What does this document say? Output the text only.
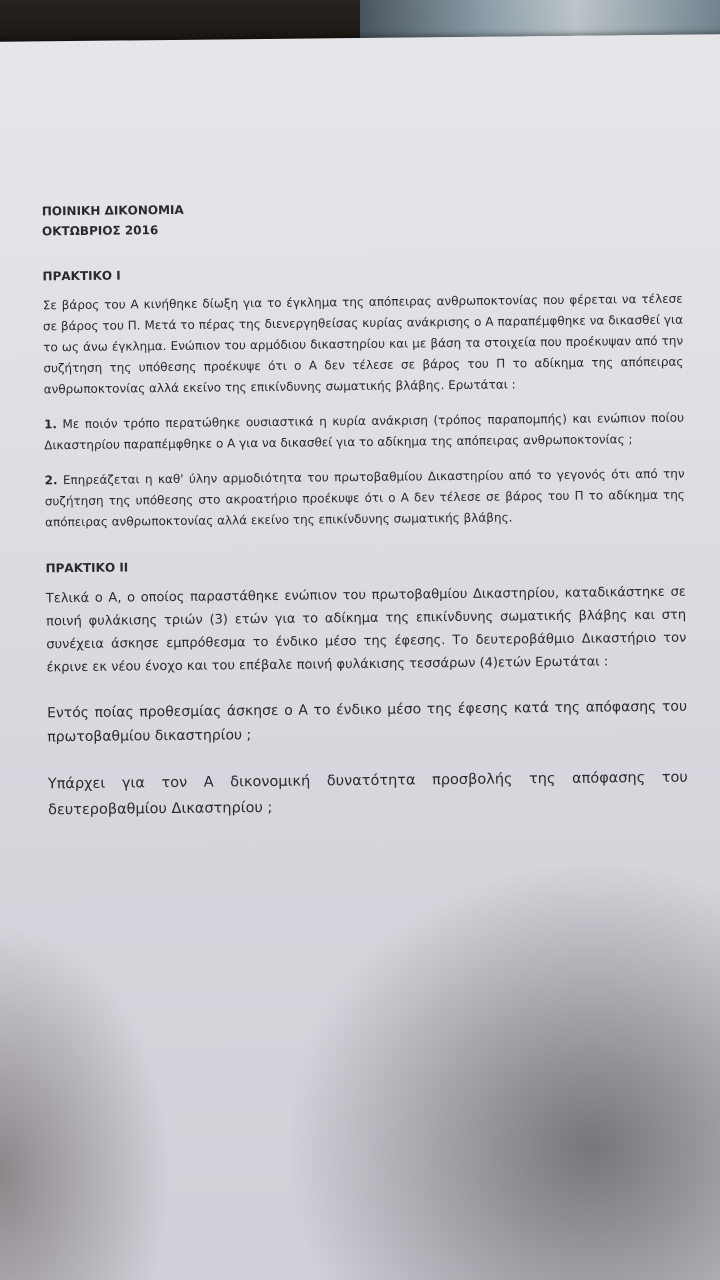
ΠΟΙΝΙΚΗ ΔΙΚΟΝΟΜΙΑ

ΟΚΤΩΒΡΙΟΣ 2016

ΠΡΑΚΤΙΚΟ Ι

Σε βάρος του Α κινήθηκε δίωξη για το έγκλημα της απόπειρας ανθρωποκτονίας που φέρεται να τέλεσε σε βάρος του Π. Μετά το πέρας της διενεργηθείσας κυρίας ανάκρισης ο Α παραπέμφθηκε να δικασθεί για το ως άνω έγκλημα. Ενώπιον του αρμόδιου δικαστηρίου και με βάση τα στοιχεία που προέκυψαν από την συζήτηση της υπόθεσης προέκυψε ότι ο Α δεν τέλεσε σε βάρος του Π το αδίκημα της απόπειρας ανθρωποκτονίας αλλά εκείνο της επικίνδυνης σωματικής βλάβης. Ερωτάται :

1. Με ποιόν τρόπο περατώθηκε ουσιαστικά η κυρία ανάκριση (τρόπος παραπομπής) και ενώπιον ποίου Δικαστηρίου παραπέμφθηκε ο Α για να δικασθεί για το αδίκημα της απόπειρας ανθρωποκτονίας ;

2. Επηρεάζεται η καθ' ύλην αρμοδιότητα του πρωτοβαθμίου Δικαστηρίου από το γεγονός ότι από την συζήτηση της υπόθεσης στο ακροατήριο προέκυψε ότι ο Α δεν τέλεσε σε βάρος του Π το αδίκημα της απόπειρας ανθρωποκτονίας αλλά εκείνο της επικίνδυνης σωματικής βλάβης.

ΠΡΑΚΤΙΚΟ ΙΙ

Τελικά ο Α, ο οποίος παραστάθηκε ενώπιον του πρωτοβαθμίου Δικαστηρίου, καταδικάστηκε σε ποινή φυλάκισης τριών (3) ετών για το αδίκημα της επικίνδυνης σωματικής βλάβης και στη συνέχεια άσκησε εμπρόθεσμα το ένδικο μέσο της έφεσης. Το δευτεροβάθμιο Δικαστήριο τον έκρινε εκ νέου ένοχο και του επέβαλε ποινή φυλάκισης τεσσάρων (4)ετών Ερωτάται :

Εντός ποίας προθεσμίας άσκησε ο Α το ένδικο μέσο της έφεσης κατά της απόφασης του πρωτοβαθμίου δικαστηρίου ;

Υπάρχει για τον Α δικονομική δυνατότητα προσβολής της απόφασης του δευτεροβαθμίου Δικαστηρίου ;
